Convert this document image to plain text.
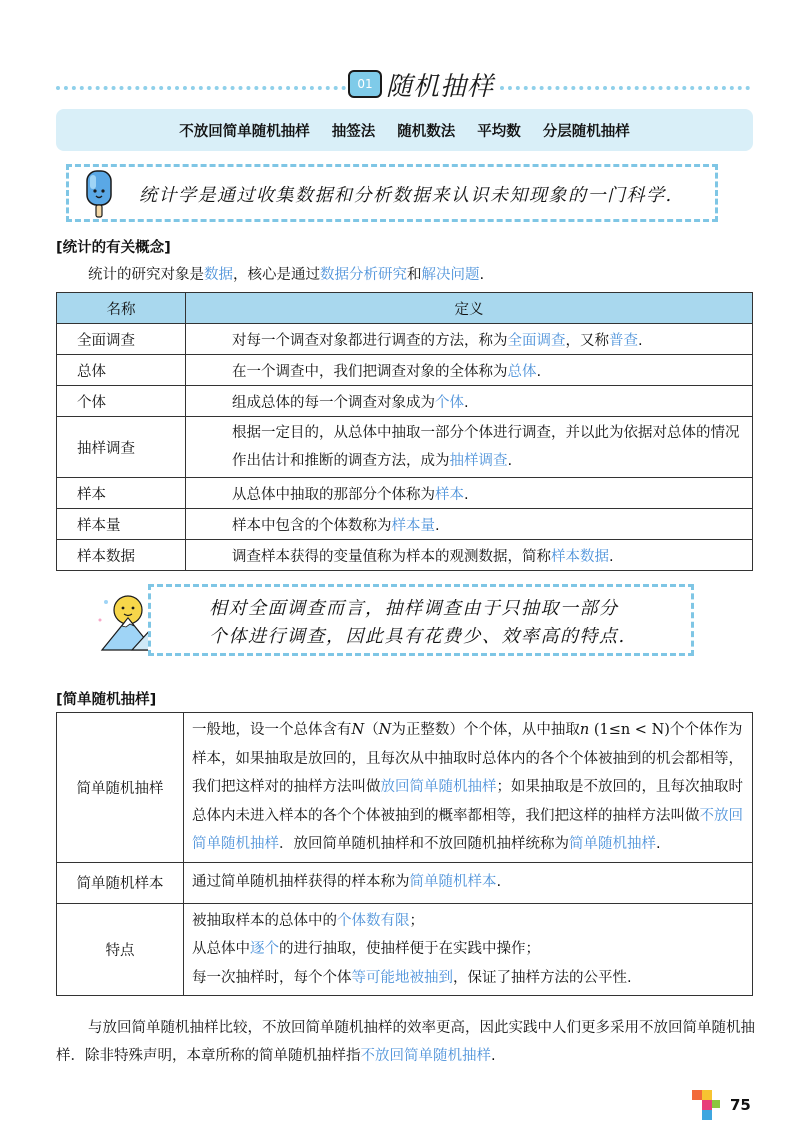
01 随机抽样
不放回简单随机抽样 抽签法 随机数法 平均数 分层随机抽样
统计学是通过收集数据和分析数据来认识未知现象的一门科学.
[统计的有关概念]
统计的研究对象是数据，核心是通过数据分析研究和解决问题.
名称	定义
全面调查	对每一个调查对象都进行调查的方法，称为全面调查，又称普查.
总体	在一个调查中，我们把调查对象的全体称为总体.
个体	组成总体的每一个调查对象成为个体.
抽样调查	根据一定目的，从总体中抽取一部分个体进行调查，并以此为依据对总体的情况作出估计和推断的调查方法，成为抽样调查.
样本	从总体中抽取的那部分个体称为样本.
样本量	样本中包含的个体数称为样本量.
样本数据	调查样本获得的变量值称为样本的观测数据，简称样本数据.
相对全面调查而言，抽样调查由于只抽取一部分
个体进行调查，因此具有花费少、效率高的特点.
[简单随机抽样]
简单随机抽样	一般地，设一个总体含有N（N为正整数）个个体，从中抽取n (1≤n < N)个个体作为样本，如果抽取是放回的，且每次从中抽取时总体内的各个个体被抽到的机会都相等，我们把这样对的抽样方法叫做放回简单随机抽样；如果抽取是不放回的，且每次抽取时总体内未进入样本的各个个体被抽到的概率都相等，我们把这样的抽样方法叫做不放回简单随机抽样．放回简单随机抽样和不放回随机抽样统称为简单随机抽样.
简单随机样本	通过简单随机抽样获得的样本称为简单随机样本.
特点	被抽取样本的总体中的个体数有限；
从总体中逐个的进行抽取，使抽样便于在实践中操作；
每一次抽样时，每个个体等可能地被抽到，保证了抽样方法的公平性.
与放回简单随机抽样比较，不放回简单随机抽样的效率更高，因此实践中人们更多采用不放回简单随机抽样．除非特殊声明，本章所称的简单随机抽样指不放回简单随机抽样.
75
